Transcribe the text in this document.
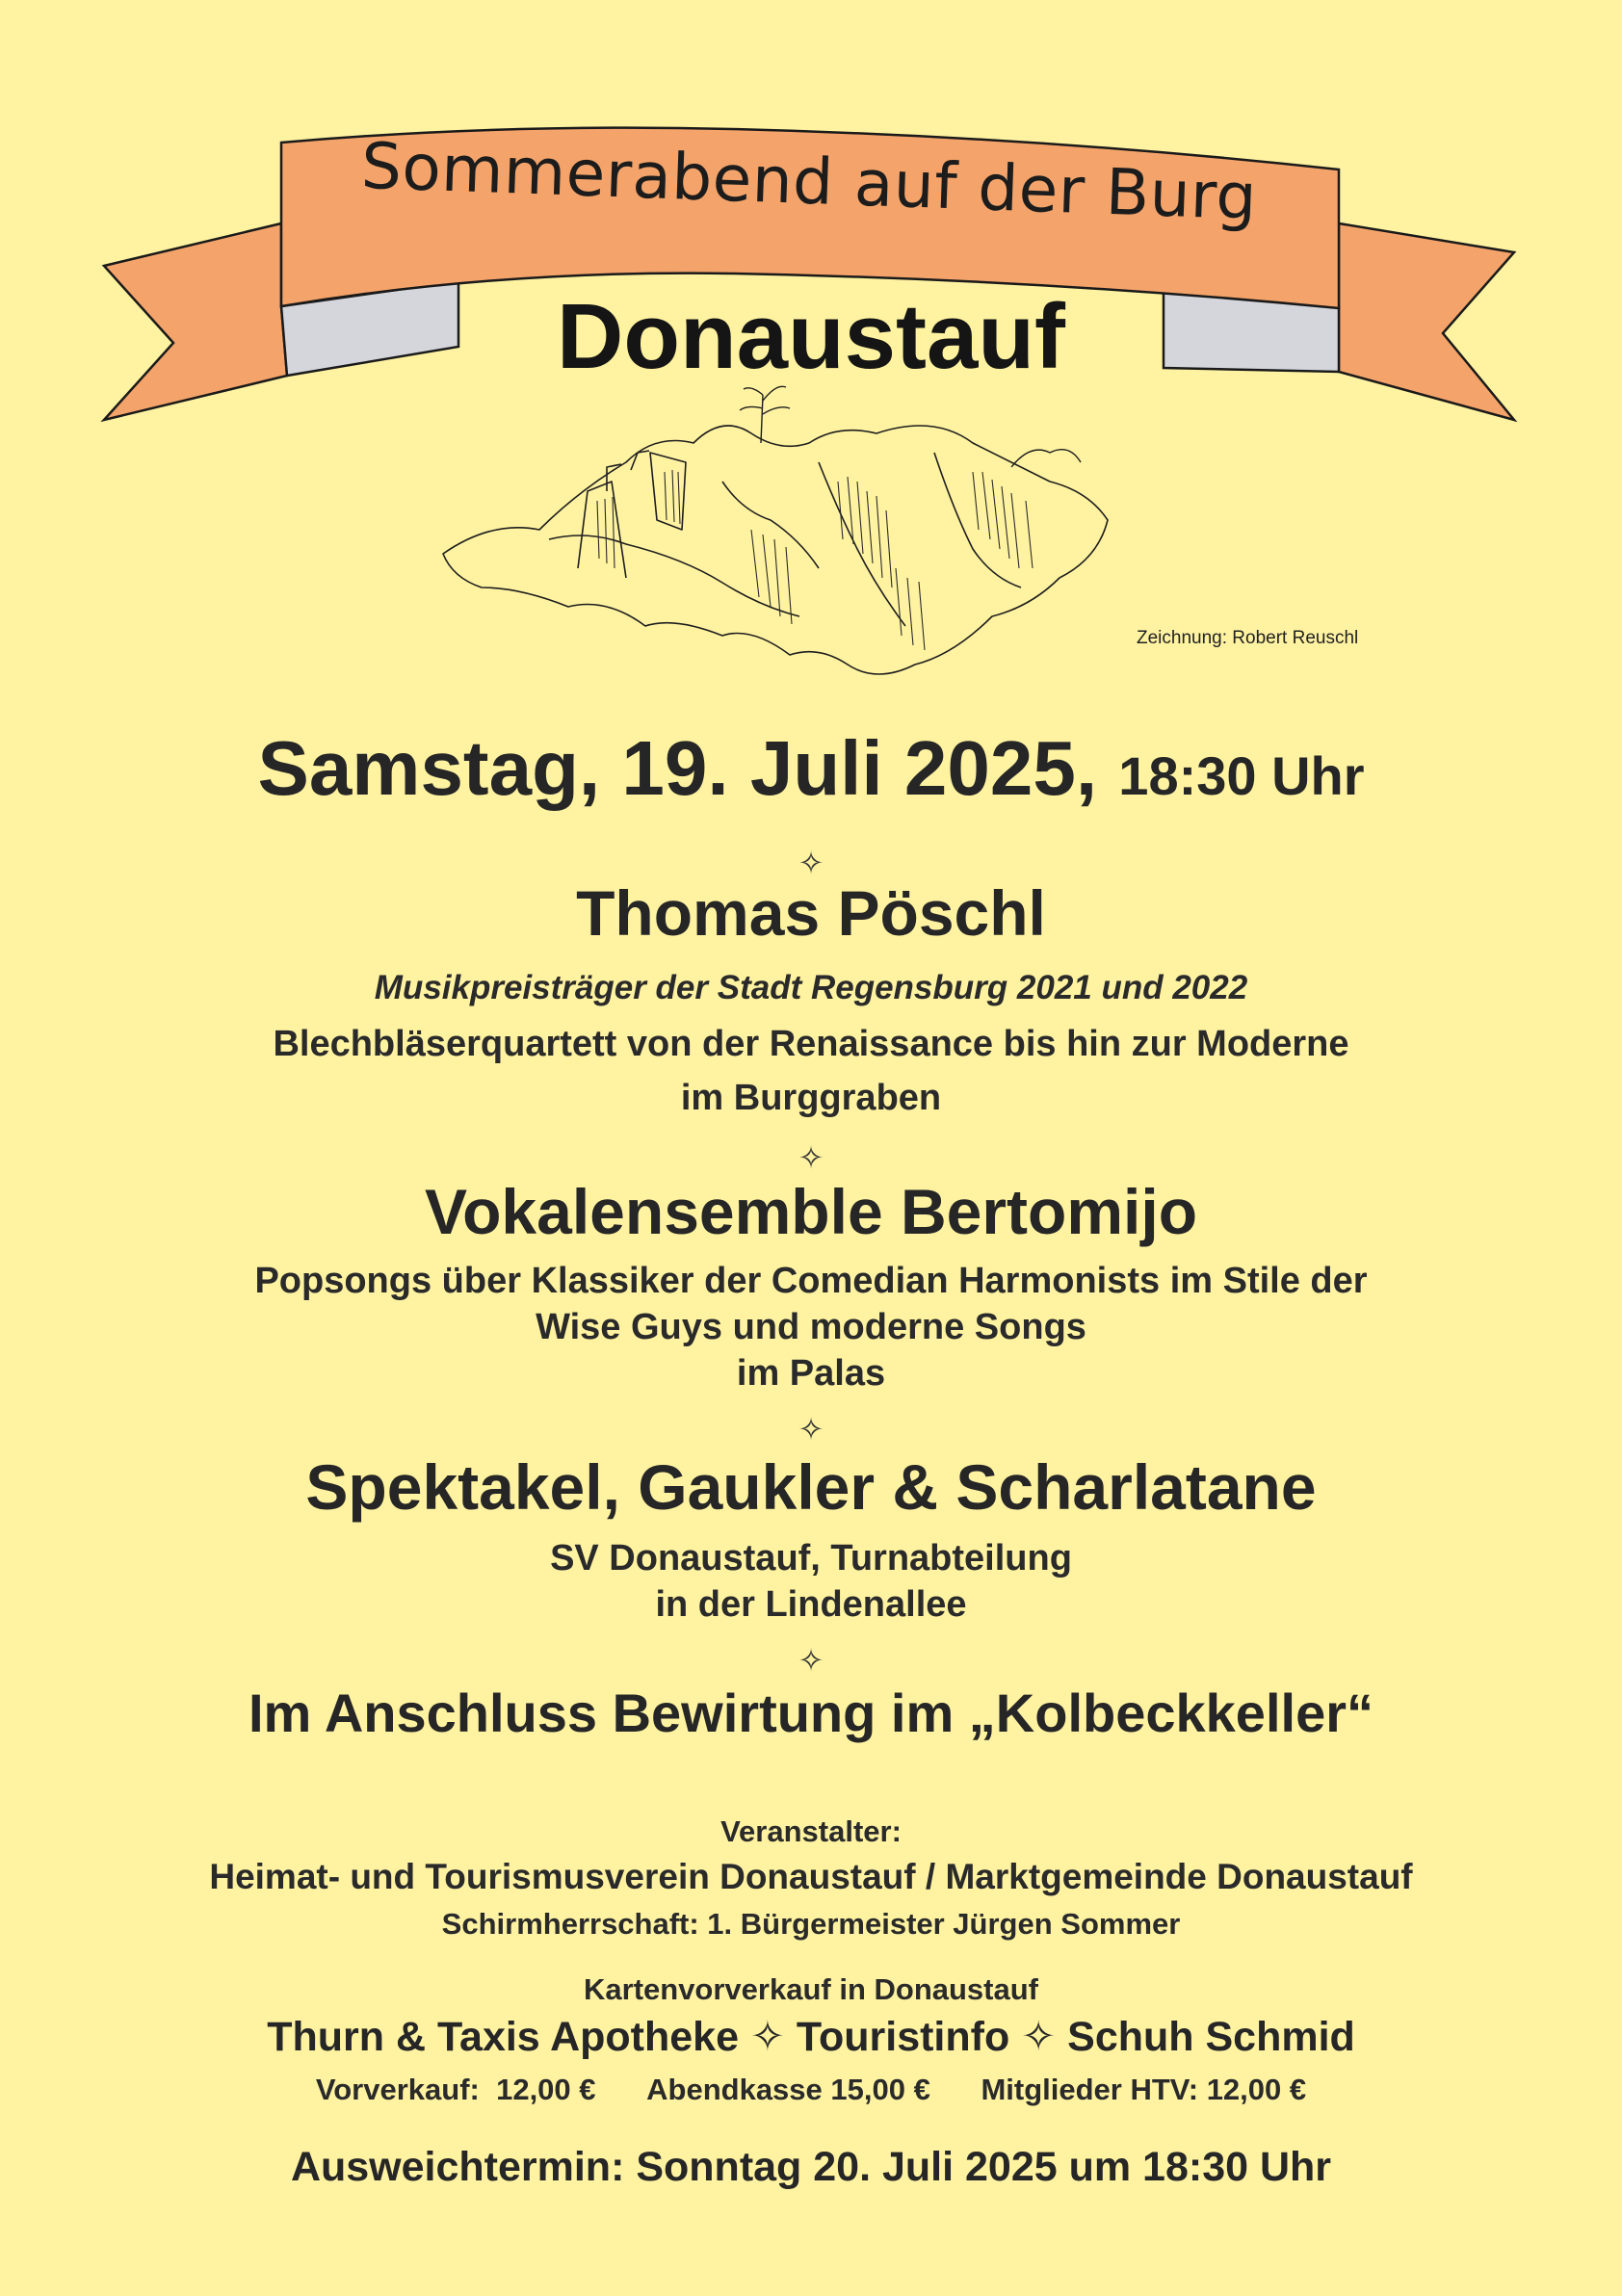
Sommerabend auf der Burg
Donaustauf
Zeichnung: Robert Reuschl
Samstag, 19. Juli 2025, 18:30 Uhr
✧
Thomas Pöschl
Musikpreisträger der Stadt Regensburg 2021 und 2022
Blechbläserquartett von der Renaissance bis hin zur Moderne
im Burggraben
✧
Vokalensemble Bertomijo
Popsongs über Klassiker der Comedian Harmonists im Stile der
Wise Guys und moderne Songs
im Palas
✧
Spektakel, Gaukler & Scharlatane
SV Donaustauf, Turnabteilung
in der Lindenallee
✧
Im Anschluss Bewirtung im „Kolbeckkeller“
Veranstalter:
Heimat- und Tourismusverein Donaustauf / Marktgemeinde Donaustauf
Schirmherrschaft: 1. Bürgermeister Jürgen Sommer
Kartenvorverkauf in Donaustauf
Thurn & Taxis Apotheke ✧ Touristinfo ✧ Schuh Schmid
Vorverkauf:  12,00 € Abendkasse 15,00 € Mitglieder HTV: 12,00 €
Ausweichtermin: Sonntag 20. Juli 2025 um 18:30 Uhr
